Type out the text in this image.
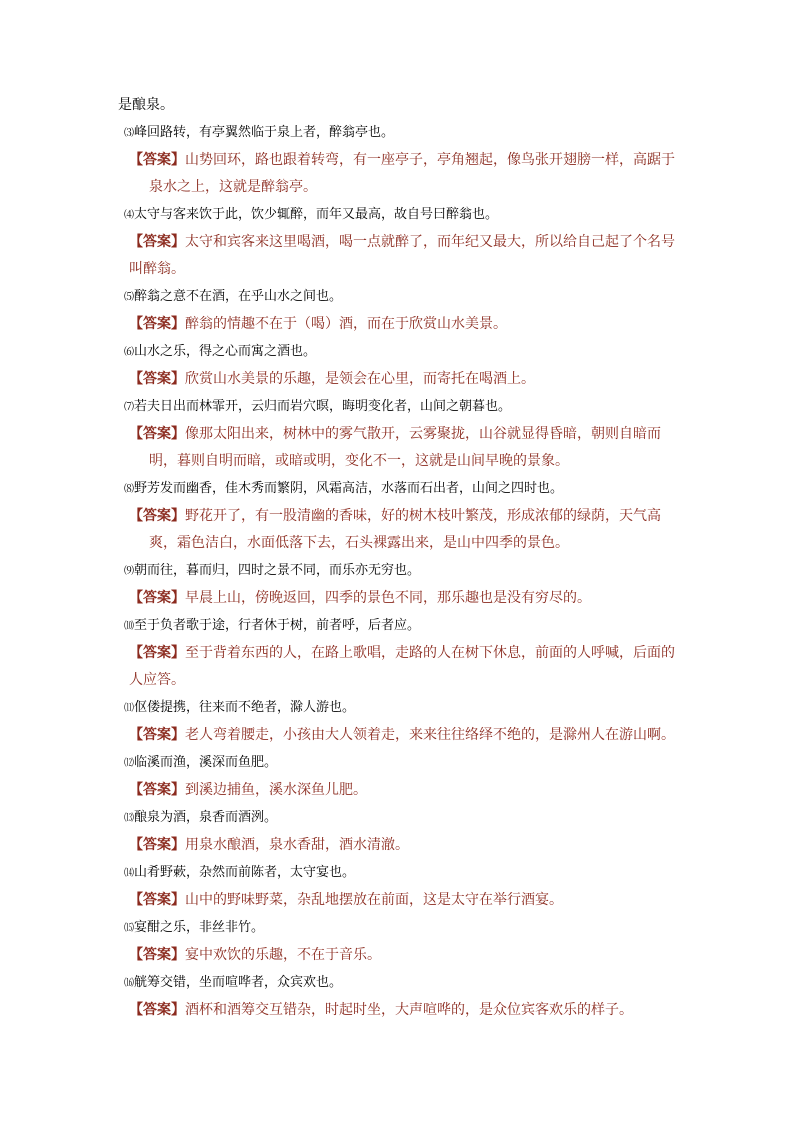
是酿泉。
⑶峰回路转，有亭翼然临于泉上者，醉翁亭也。
【答案】山势回环，路也跟着转弯，有一座亭子，亭角翘起，像鸟张开翅膀一样，高踞于泉水之上，这就是醉翁亭。
⑷太守与客来饮于此，饮少辄醉，而年又最高，故自号曰醉翁也。
【答案】太守和宾客来这里喝酒，喝一点就醉了，而年纪又最大，所以给自己起了个名号叫醉翁。
⑸醉翁之意不在酒，在乎山水之间也。
【答案】醉翁的情趣不在于（喝）酒，而在于欣赏山水美景。
⑹山水之乐，得之心而寓之酒也。
【答案】欣赏山水美景的乐趣，是领会在心里，而寄托在喝酒上。
⑺若夫日出而林霏开，云归而岩穴暝，晦明变化者，山间之朝暮也。
【答案】像那太阳出来，树林中的雾气散开，云雾聚拢，山谷就显得昏暗，朝则自暗而明，暮则自明而暗，或暗或明，变化不一，这就是山间早晚的景象。
⑻野芳发而幽香，佳木秀而繁阴，风霜高洁，水落而石出者，山间之四时也。
【答案】野花开了，有一股清幽的香味，好的树木枝叶繁茂，形成浓郁的绿荫，天气高爽，霜色洁白，水面低落下去，石头裸露出来，是山中四季的景色。
⑼朝而往，暮而归，四时之景不同，而乐亦无穷也。
【答案】早晨上山，傍晚返回，四季的景色不同，那乐趣也是没有穷尽的。
⑽至于负者歌于途，行者休于树，前者呼，后者应。
【答案】至于背着东西的人，在路上歌唱，走路的人在树下休息，前面的人呼喊，后面的人应答。
⑾伛偻提携，往来而不绝者，滁人游也。
【答案】老人弯着腰走，小孩由大人领着走，来来往往络绎不绝的，是滁州人在游山啊。
⑿临溪而渔，溪深而鱼肥。
【答案】到溪边捕鱼，溪水深鱼儿肥。
⒀酿泉为酒，泉香而酒洌。
【答案】用泉水酿酒，泉水香甜，酒水清澈。
⒁山肴野蔌，杂然而前陈者，太守宴也。
【答案】山中的野味野菜，杂乱地摆放在前面，这是太守在举行酒宴。
⒂宴酣之乐，非丝非竹。
【答案】宴中欢饮的乐趣，不在于音乐。
⒃觥筹交错，坐而喧哗者，众宾欢也。
【答案】酒杯和酒筹交互错杂，时起时坐，大声喧哗的，是众位宾客欢乐的样子。
